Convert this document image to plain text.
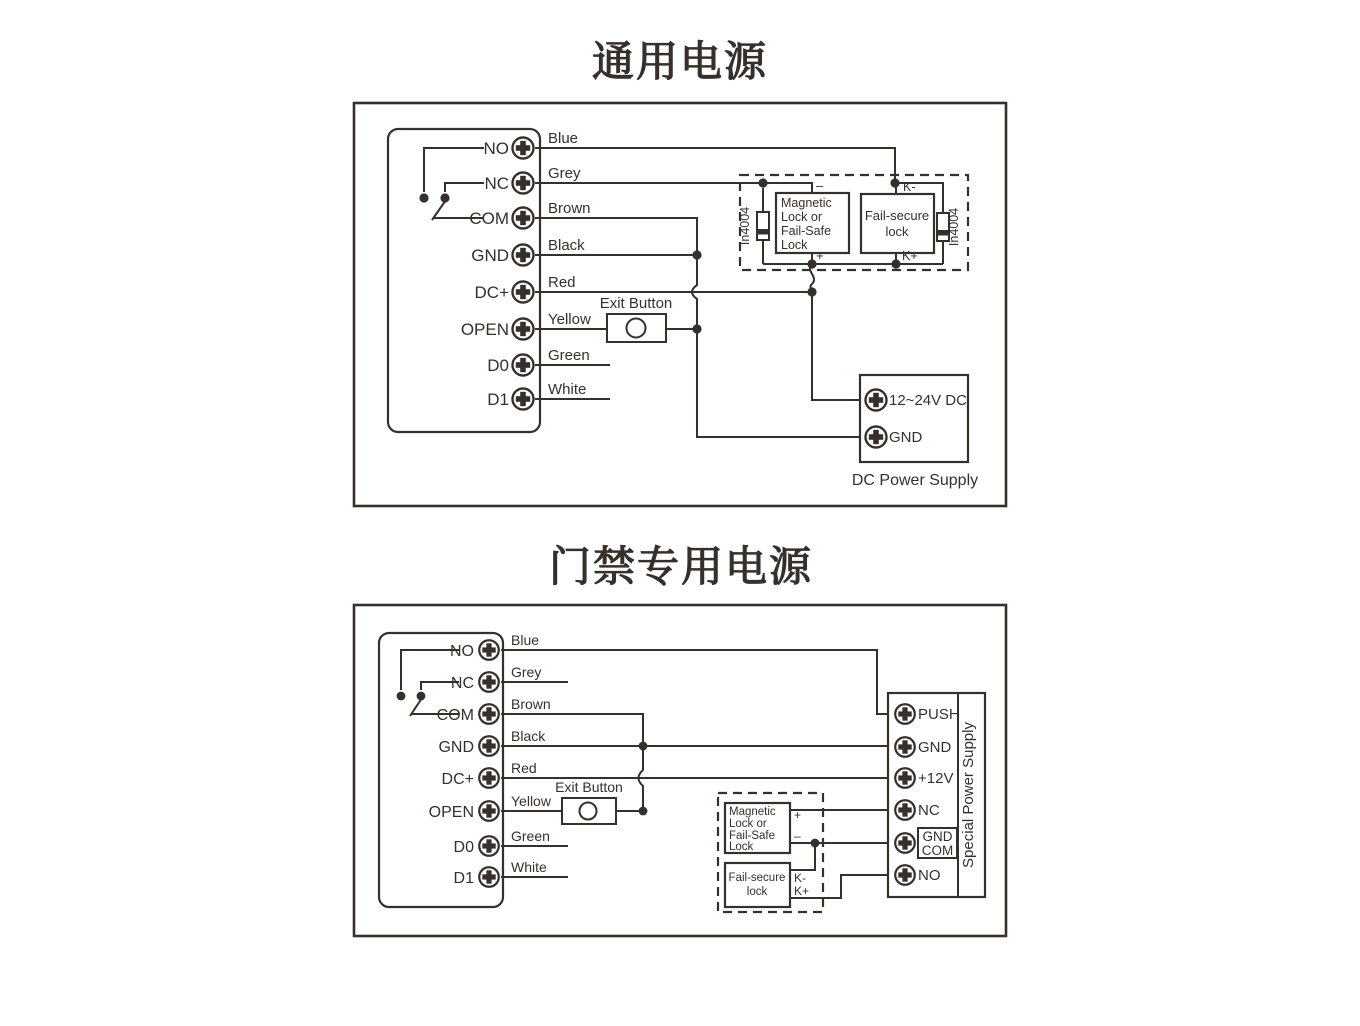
通用电源
NO
NC
COM
GND
DC+
OPEN
D0
D1
Blue
Grey
Brown
Black
Red
Yellow
Green
White
Exit Button
In4004
–
Magnetic
Lock or
Fail-Safe
Lock
K-
Fail-secure
lock	In4004
+	K+
12~24V DC
GND
DC Power Supply
门禁专用电源
NO
NC
COM
GND
DC+
OPEN
D0
D1
Blue
Grey
Brown
Black
Red
Yellow
Green
White
Exit Button
Magnetic
Lock or
Fail-Safe
Lock
Fail-secure
lock
+
–
K-
K+
PUSH
GND
+12V
NC
GND
COM
NO
Special Power Supply
